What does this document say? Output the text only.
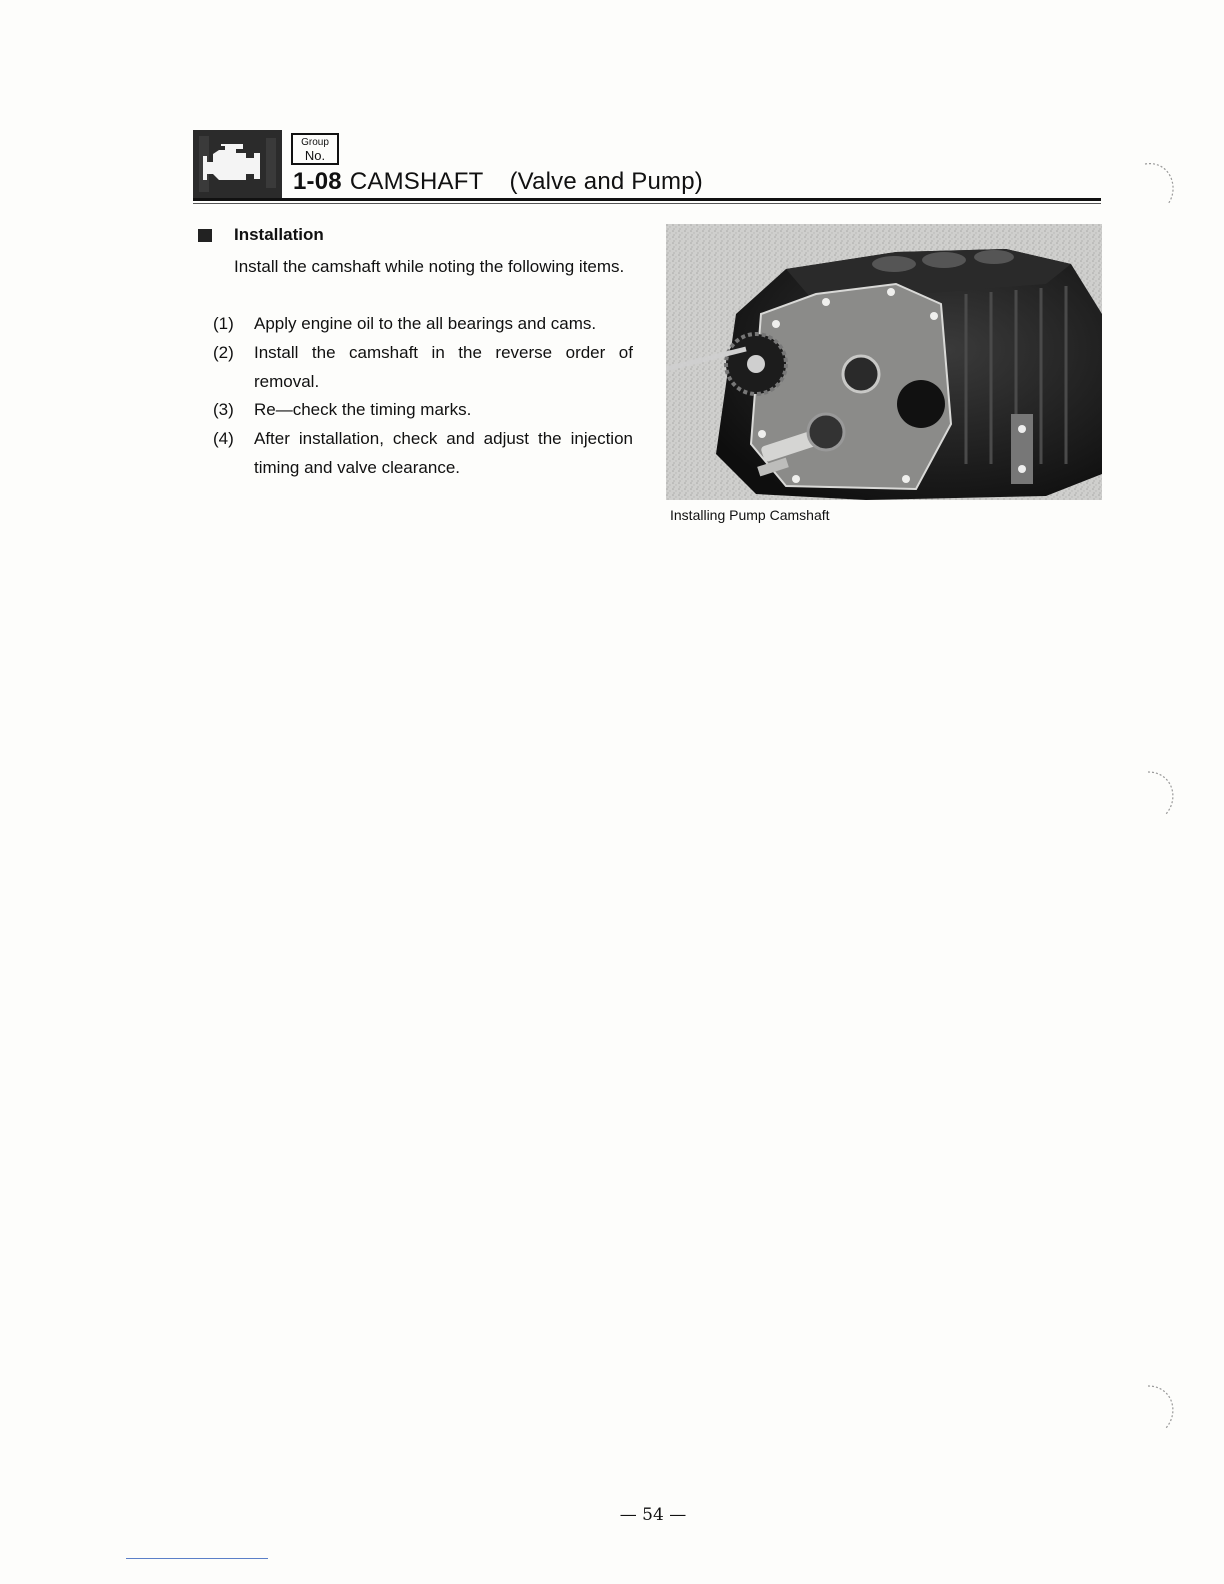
Group
No.
1-08 CAMSHAFT (Valve and Pump)
Installation
Install the camshaft while noting the following items.
(1)	Apply engine oil to the all bearings and cams.
(2)	Install the camshaft in the reverse order of removal.
(3)	Re—check the timing marks.
(4)	After installation, check and adjust the injection timing and valve clearance.
Installing Pump Camshaft
— 54 —
